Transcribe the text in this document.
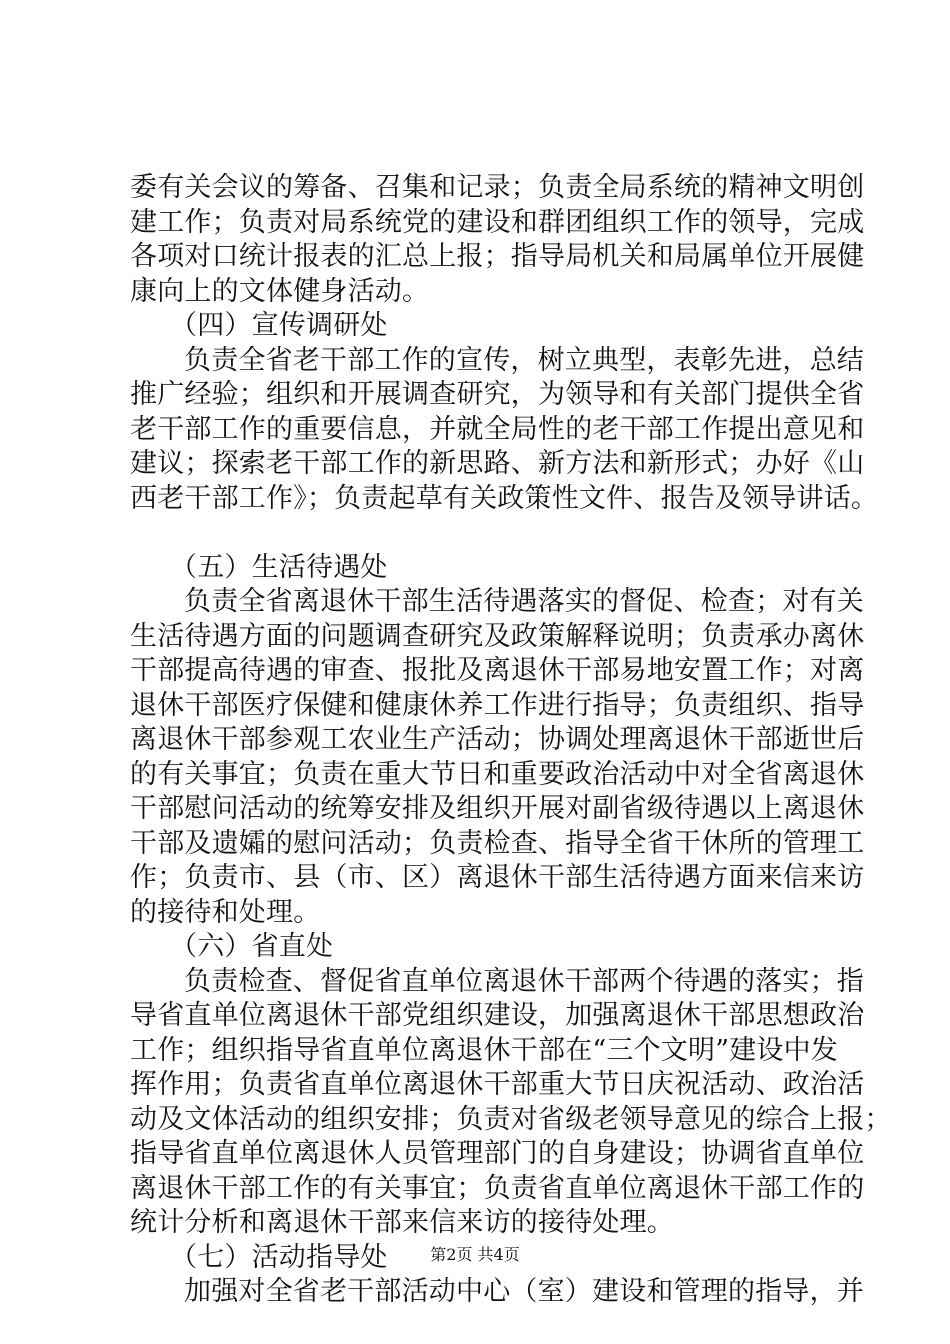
委有关会议的筹备、召集和记录；负责全局系统的精神文明创
建工作；负责对局系统党的建设和群团组织工作的领导，完成
各项对口统计报表的汇总上报；指导局机关和局属单位开展健
康向上的文体健身活动。
（四）宣传调研处
负责全省老干部工作的宣传，树立典型，表彰先进，总结
推广经验；组织和开展调查研究，为领导和有关部门提供全省
老干部工作的重要信息，并就全局性的老干部工作提出意见和
建议；探索老干部工作的新思路、新方法和新形式；办好《山
西老干部工作》；负责起草有关政策性文件、报告及领导讲话。
（五）生活待遇处
负责全省离退休干部生活待遇落实的督促、检查；对有关
生活待遇方面的问题调查研究及政策解释说明；负责承办离休
干部提高待遇的审查、报批及离退休干部易地安置工作；对离
退休干部医疗保健和健康休养工作进行指导；负责组织、指导
离退休干部参观工农业生产活动；协调处理离退休干部逝世后
的有关事宜；负责在重大节日和重要政治活动中对全省离退休
干部慰问活动的统筹安排及组织开展对副省级待遇以上离退休
干部及遗孀的慰问活动；负责检查、指导全省干休所的管理工
作；负责市、县（市、区）离退休干部生活待遇方面来信来访
的接待和处理。
（六）省直处
负责检查、督促省直单位离退休干部两个待遇的落实；指
导省直单位离退休干部党组织建设，加强离退休干部思想政治
工作；组织指导省直单位离退休干部在“三个文明”建设中发
挥作用；负责省直单位离退休干部重大节日庆祝活动、政治活
动及文体活动的组织安排；负责对省级老领导意见的综合上报；
指导省直单位离退休人员管理部门的自身建设；协调省直单位
离退休干部工作的有关事宜；负责省直单位离退休干部工作的
统计分析和离退休干部来信来访的接待处理。
（七）活动指导处
加强对全省老干部活动中心（室）建设和管理的指导，并
第2页 共4页
